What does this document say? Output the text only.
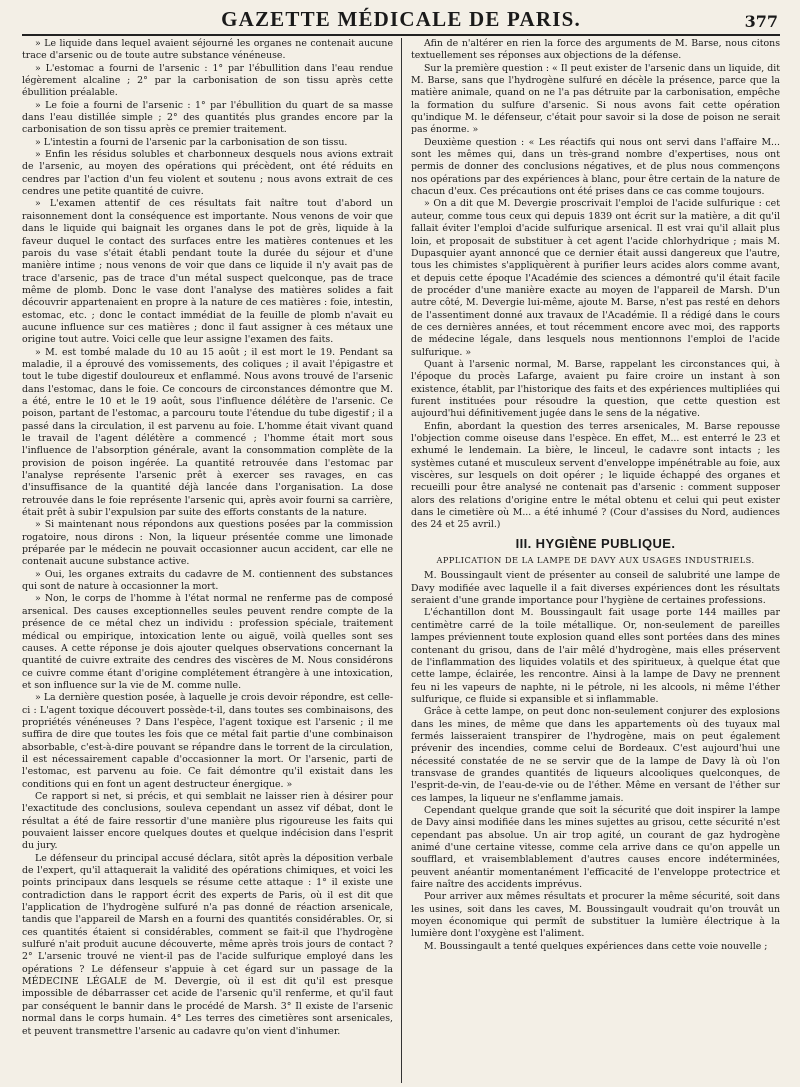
GAZETTE MÉDICALE DE PARIS.	377

» Le liquide dans lequel avaient séjourné les organes ne contenait aucune trace d'arsenic ou de toute autre substance vénéneuse.

» L'estomac a fourni de l'arsenic : 1° par l'ébullition dans l'eau rendue légèrement alcaline ; 2° par la carbonisation de son tissu après cette ébullition préalable.

» Le foie a fourni de l'arsenic : 1° par l'ébullition du quart de sa masse dans l'eau distillée simple ; 2° des quantités plus grandes encore par la carbonisation de son tissu après ce premier traitement.

» L'intestin a fourni de l'arsenic par la carbonisation de son tissu.

» Enfin les résidus solubles et charbonneux desquels nous avions extrait de l'arsenic, au moyen des opérations qui précèdent, ont été réduits en cendres par l'action d'un feu violent et soutenu ; nous avons extrait de ces cendres une petite quantité de cuivre.

» L'examen attentif de ces résultats fait naître tout d'abord un raisonnement dont la conséquence est importante. Nous venons de voir que dans le liquide qui baignait les organes dans le pot de grès, liquide à la faveur duquel le contact des surfaces entre les matières contenues et les parois du vase s'était établi pendant toute la durée du séjour et d'une manière intime ; nous venons de voir que dans ce liquide il n'y avait pas de trace d'arsenic, pas de trace d'un métal suspect quelconque, pas de trace même de plomb. Donc le vase dont l'analyse des matières solides a fait découvrir appartenaient en propre à la nature de ces matières : foie, intestin, estomac, etc. ; donc le contact immédiat de la feuille de plomb n'avait eu aucune influence sur ces matières ; donc il faut assigner à ces métaux une origine tout autre. Voici celle que leur assigne l'examen des faits.

» M. est tombé malade du 10 au 15 août ; il est mort le 19. Pendant sa maladie, il a éprouvé des vomissements, des coliques ; il avait l'épigastre et tout le tube digestif douloureux et enflammé. Nous avons trouvé de l'arsenic dans l'estomac, dans le foie. Ce concours de circonstances démontre que M. a été, entre le 10 et le 19 août, sous l'influence délétère de l'arsenic. Ce poison, partant de l'estomac, a parcouru toute l'étendue du tube digestif ; il a passé dans la circulation, il est parvenu au foie. L'homme était vivant quand le travail de l'agent délétère a commencé ; l'homme était mort sous l'influence de l'absorption générale, avant la consommation complète de la provision de poison ingérée. La quantité retrouvée dans l'estomac par l'analyse représente l'arsenic prêt à exercer ses ravages, en cas d'insuffisance de la quantité déjà lancée dans l'organisation. La dose retrouvée dans le foie représente l'arsenic qui, après avoir fourni sa carrière, était prêt à subir l'expulsion par suite des efforts constants de la nature.

» Si maintenant nous répondons aux questions posées par la commission rogatoire, nous dirons : Non, la liqueur présentée comme une limonade préparée par le médecin ne pouvait occasionner aucun accident, car elle ne contenait aucune substance active.

» Oui, les organes extraits du cadavre de M. contiennent des substances qui sont de nature à occasionner la mort.

» Non, le corps de l'homme à l'état normal ne renferme pas de composé arsenical. Des causes exceptionnelles seules peuvent rendre compte de la présence de ce métal chez un individu : profession spéciale, traitement médical ou empirique, intoxication lente ou aiguë, voilà quelles sont ses causes. A cette réponse je dois ajouter quelques observations concernant la quantité de cuivre extraite des cendres des viscères de M. Nous considérons ce cuivre comme étant d'origine complétement étrangère à une intoxication, et son influence sur la vie de M. comme nulle.

» La dernière question posée, à laquelle je crois devoir répondre, est celle-ci : L'agent toxique découvert possède-t-il, dans toutes ses combinaisons, des propriétés vénéneuses ? Dans l'espèce, l'agent toxique est l'arsenic ; il me suffira de dire que toutes les fois que ce métal fait partie d'une combinaison absorbable, c'est-à-dire pouvant se répandre dans le torrent de la circulation, il est nécessairement capable d'occasionner la mort. Or l'arsenic, parti de l'estomac, est parvenu au foie. Ce fait démontre qu'il existait dans les conditions qui en font un agent destructeur énergique. »

Ce rapport si net, si précis, et qui semblait ne laisser rien à désirer pour l'exactitude des conclusions, souleva cependant un assez vif débat, dont le résultat a été de faire ressortir d'une manière plus rigoureuse les faits qui pouvaient laisser encore quelques doutes et quelque indécision dans l'esprit du jury.

Le défenseur du principal accusé déclara, sitôt après la déposition verbale de l'expert, qu'il attaquerait la validité des opérations chimiques, et voici les points principaux dans lesquels se résume cette attaque : 1° il existe une contradiction dans le rapport écrit des experts de Paris, où il est dit que l'application de l'hydrogène sulfuré n'a pas donné de réaction arsenicale, tandis que l'appareil de Marsh en a fourni des quantités considérables. Or, si ces quantités étaient si considérables, comment se fait-il que l'hydrogène sulfuré n'ait produit aucune découverte, même après trois jours de contact ? 2° L'arsenic trouvé ne vient-il pas de l'acide sulfurique employé dans les opérations ? Le défenseur s'appuie à cet égard sur un passage de la MÉDECINE LÉGALE de M. Devergie, où il est dit qu'il est presque impossible de débarrasser cet acide de l'arsenic qu'il renferme, et qu'il faut par conséquent le bannir dans le procédé de Marsh. 3° Il existe de l'arsenic normal dans le corps humain. 4° Les terres des cimetières sont arsenicales, et peuvent transmettre l'arsenic au cadavre qu'on vient d'inhumer.

Afin de n'altérer en rien la force des arguments de M. Barse, nous citons textuellement ses réponses aux objections de la défense.

Sur la première question : « Il peut exister de l'arsenic dans un liquide, dit M. Barse, sans que l'hydrogène sulfuré en décèle la présence, parce que la matière animale, quand on ne l'a pas détruite par la carbonisation, empêche la formation du sulfure d'arsenic. Si nous avons fait cette opération qu'indique M. le défenseur, c'était pour savoir si la dose de poison ne serait pas énorme. »

Deuxième question : « Les réactifs qui nous ont servi dans l'affaire M... sont les mêmes qui, dans un très-grand nombre d'expertises, nous ont permis de donner des conclusions négatives, et de plus nous commençons nos opérations par des expériences à blanc, pour être certain de la nature de chacun d'eux. Ces précautions ont été prises dans ce cas comme toujours.

» On a dit que M. Devergie proscrivait l'emploi de l'acide sulfurique : cet auteur, comme tous ceux qui depuis 1839 ont écrit sur la matière, a dit qu'il fallait éviter l'emploi d'acide sulfurique arsenical. Il est vrai qu'il allait plus loin, et proposait de substituer à cet agent l'acide chlorhydrique ; mais M. Dupasquier ayant annoncé que ce dernier était aussi dangereux que l'autre, tous les chimistes s'appliquèrent à purifier leurs acides alors comme avant, et depuis cette époque l'Académie des sciences a démontré qu'il était facile de procéder d'une manière exacte au moyen de l'appareil de Marsh. D'un autre côté, M. Devergie lui-même, ajoute M. Barse, n'est pas resté en dehors de l'assentiment donné aux travaux de l'Académie. Il a rédigé dans le cours de ces dernières années, et tout récemment encore avec moi, des rapports de médecine légale, dans lesquels nous mentionnons l'emploi de l'acide sulfurique. »

Quant à l'arsenic normal, M. Barse, rappelant les circonstances qui, à l'époque du procès Lafarge, avaient pu faire croire un instant à son existence, établit, par l'historique des faits et des expériences multipliées qui furent instituées pour résoudre la question, que cette question est aujourd'hui définitivement jugée dans le sens de la négative.

Enfin, abordant la question des terres arsenicales, M. Barse repousse l'objection comme oiseuse dans l'espèce. En effet, M... est enterré le 23 et exhumé le lendemain. La bière, le linceul, le cadavre sont intacts ; les systèmes cutané et musculeux servent d'enveloppe impénétrable au foie, aux viscères, sur lesquels on doit opérer ; le liquide échappé des organes et recueilli pour être analysé ne contenait pas d'arsenic : comment supposer alors des relations d'origine entre le métal obtenu et celui qui peut exister dans le cimetière où M... a été inhumé ? (Cour d'assises du Nord, audiences des 24 et 25 avril.)

III. HYGIÈNE PUBLIQUE.
APPLICATION DE LA LAMPE DE DAVY AUX USAGES INDUSTRIELS.

M. Boussingault vient de présenter au conseil de salubrité une lampe de Davy modifiée avec laquelle il a fait diverses expériences dont les résultats seraient d'une grande importance pour l'hygiène de certaines professions.

L'échantillon dont M. Boussingault fait usage porte 144 mailles par centimètre carré de la toile métallique. Or, non-seulement de pareilles lampes préviennent toute explosion quand elles sont portées dans des mines contenant du grisou, dans de l'air mêlé d'hydrogène, mais elles préservent de l'inflammation des liquides volatils et des spiritueux, à quelque état que cette lampe, éclairée, les rencontre. Ainsi à la lampe de Davy ne prennent feu ni les vapeurs de naphte, ni le pétrole, ni les alcools, ni même l'éther sulfurique, ce fluide si expansible et si inflammable.

Grâce à cette lampe, on peut donc non-seulement conjurer des explosions dans les mines, de même que dans les appartements où des tuyaux mal fermés laisseraient transpirer de l'hydrogène, mais on peut également prévenir des incendies, comme celui de Bordeaux. C'est aujourd'hui une nécessité constatée de ne se servir que de la lampe de Davy là où l'on transvase de grandes quantités de liqueurs alcooliques quelconques, de l'esprit-de-vin, de l'eau-de-vie ou de l'éther. Même en versant de l'éther sur ces lampes, la liqueur ne s'enflamme jamais.

Cependant quelque grande que soit la sécurité que doit inspirer la lampe de Davy ainsi modifiée dans les mines sujettes au grisou, cette sécurité n'est cependant pas absolue. Un air trop agité, un courant de gaz hydrogène animé d'une certaine vitesse, comme cela arrive dans ce qu'on appelle un soufflard, et vraisemblablement d'autres causes encore indéterminées, peuvent anéantir momentanément l'efficacité de l'enveloppe protectrice et faire naître des accidents imprévus.

Pour arriver aux mêmes résultats et procurer la même sécurité, soit dans les usines, soit dans les caves, M. Boussingault voudrait qu'on trouvât un moyen économique qui permît de substituer la lumière électrique à la lumière dont l'oxygène est l'aliment.

M. Boussingault a tenté quelques expériences dans cette voie nouvelle ;
